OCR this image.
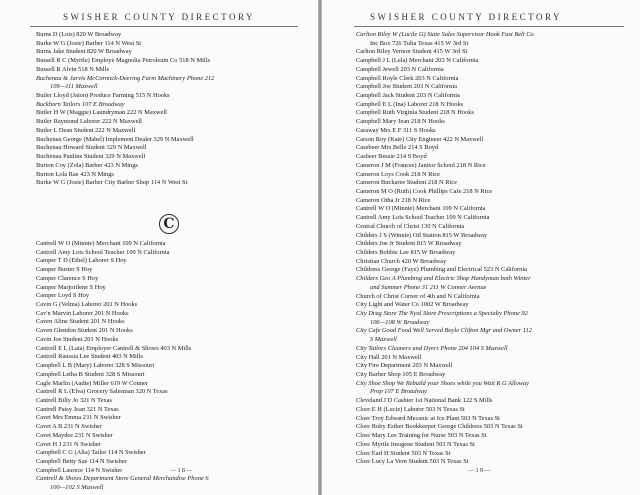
SWISHER COUNTY DIRECTORY
Burns D (Lois) 820 W Broadway
Burke W G (Josie) Barber 114 N West St
Burns Jake Student 820 W Broadway
Bussell R C (Myrtle) Employe Magnolia Petroleum Co 518 N Mills
Bussell R Alvin 518 N Mills
Buchenau & Jarvis McCormick-Deering Farm Machinery Phone 212
109—111 Maxwell
Butler Lloyd (Jaton) Produce Farming 515 N Hooks
Buckhorn Tailors 107 E Broadway
Butler H W (Maggie) Laundryman 222 N Maxwell
Butler Raymond Laborer 222 N Maxwell
Butler L Dean Student 222 N Maxwell
Buchenau George (Mabel) Implement Dealer 329 N Maxwell
Buchenau Howard Student 329 N Maxwell
Buchenau Pauline Student 329 N Maxwell
Burton Coy (Zola) Barber 423 N Mings
Burton Lola Rae 423 N Mings
Burke W G (Josie) Barber City Barber Shop 114 N West St
C
Cantrell W O (Minnie) Merchant 109 N California
Cantrell Amy Lois School Teacher 109 N California
Camper T D (Ethel) Laborer S Hoy
Camper Buster S Hoy
Camper Clarence S Hoy
Camper Marjorilene S Hoy
Camper Loyd S Hoy
Cavin G (Velma) Laborer 201 N Hooks
Cav'n Marvin Laborer 201 N Hooks
Caven Aline Student 201 N Hooks
Caven Glendon Student 201 N Hooks
Cavin Joe Student 201 N Hooks
Cantrell E L (Lata) Employer Cantrell & Shows 403 N Mills
Cantrell Raussia Lee Student 403 N Mills
Campbell L B (Mary) Laborer 328 S Missouri
Campbell Letha B Student 328 S Missouri
Cagle Marlin (Audie) Miller 619 W Conner
Cantrell R L (Elva) Grocery Salesman 320 N Texas
Cantrell Billy Jo 321 N Texas
Cantrell Patsy Jean 321 N Texas
Cavet Mrs Emma 231 N Swisher
Cavet A B 231 N Swisher
Cavet Maydee 231 N Swisher
Cavet H J 231 N Swisher
Campbell C G (Alta) Tailor 114 N Swisher
Campbell Betty Sue 114 N Swisher
Campbell Laurece 114 N Swisher
Cantrell & Shows Department Store General Merchandise Phone 6
100—102 S Maxwell
—18—
SWISHER COUNTY DIRECTORY
Carlton Riley W (Lucile G) State Sales Supervisor Hook Fast Belt Co
Inc Box 726 Tulia Texas 415 W 3rd St
Carlton Riley Vernon Student 415 W 3rd St
Campbell J L (Lela) Merchant 203 N California
Campbell Jewell 203 N California
Campbell Royle Clerk 203 N California
Campbell Joe Student 203 N California
Campbell Jack Student 203 N California
Campbell E L (Ina) Laborer 218 N Hooks
Campbell Ruth Virginia Student 218 N Hooks
Campbell Mary Jean 218 N Hooks
Caraway Mrs E F 311 S Hooks
Carson Roy (Kate) City Engineer 422 N Maxwell
Casebeer Mrs Belle 214 S Boyd
Casbeer Bessie 214 S Boyd
Cameron J M (Frances) Janitor School 218 N Rice
Cameron Loys Cook 218 N Rice
Cameron Buckaree Student 218 N Rice
Cameron M O (Ruth) Cook Phillips Cafe 218 N Rice
Cameron Otha Jr 218 N Rice
Cantrell W O (Minnie) Merchant 109 N California
Cantrell Amy Lois School Teacher 109 N California
Central Church of Christ 130 N California
Childers J S (Winnie) Oil Station 815 W Broadway
Childers Joe Jr Student 815 W Broadway
Childers Bobbie Lee 815 W Broadway
Christian Church 420 W Broadway
Childress George (Faye) Plumbing and Electrical 523 N California
Childers Geo A Plumbing and Electric Shop Handyman both Winter
and Summer Phone 31 211 W Conner Avenue
Church of Christ Corner of 4th and N California
City Light and Water Co 1002 W Broadway
City Drug Store The Nyal Store Prescriptions a Specialty Phone 92
106—108 W Broadway
City Cafe Good Food Well Served Boyle Clifton Mgr and Owner 112
S Maxwell
City Tailors Cleaners and Dyers Phone 204 104 S Maxwell
City Hall 201 N Maxwell
City Fire Department 203 N Maxwell
City Barber Shop 105 E Broadway
City Shoe Shop We Rebuild your Shoes while you Wait R G Alloway
Prop 107 E Broadway
Cleveland J D Cashier 1st National Bank 122 S Mills
Cloer E H (Lucie) Laborer 503 N Texas St
Cloer Troy Edward Mecanic at Ice Plant 503 N Texas St
Cloer Ruby Esther Bookkeeper George Childress 503 N Texas St
Cloer Mary Lee Training for Nurse 503 N Texas St
Cloer Myrtle Imogene Student 503 N Texas St
Cloer Earl H Student 503 N Texas St
Cloer Lucy La Vern Student 503 N Texas St
—19—
